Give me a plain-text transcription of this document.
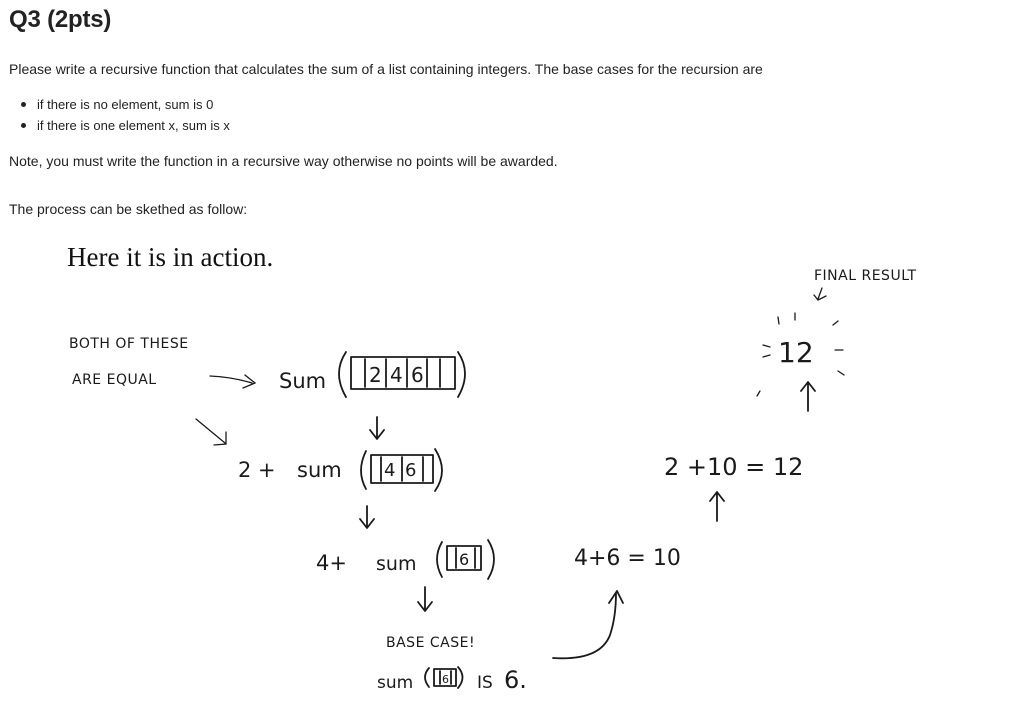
Q3 (2pts)
Please write a recursive function that calculates the sum of a list containing integers. The base cases for the recursion are
if there is no element, sum is 0
if there is one element x, sum is x
Note, you must write the function in a recursive way otherwise no points will be awarded.
The process can be skethed as follow:
Here it is in action.
FINAL RESULT
12
BOTH OF THESE
ARE EQUAL	Sum 2 4 6
2 + sum 4 6
4+ sum	6
BASE CASE!
sum	6 IS 6.
4+6 = 10
2 +10 = 12
